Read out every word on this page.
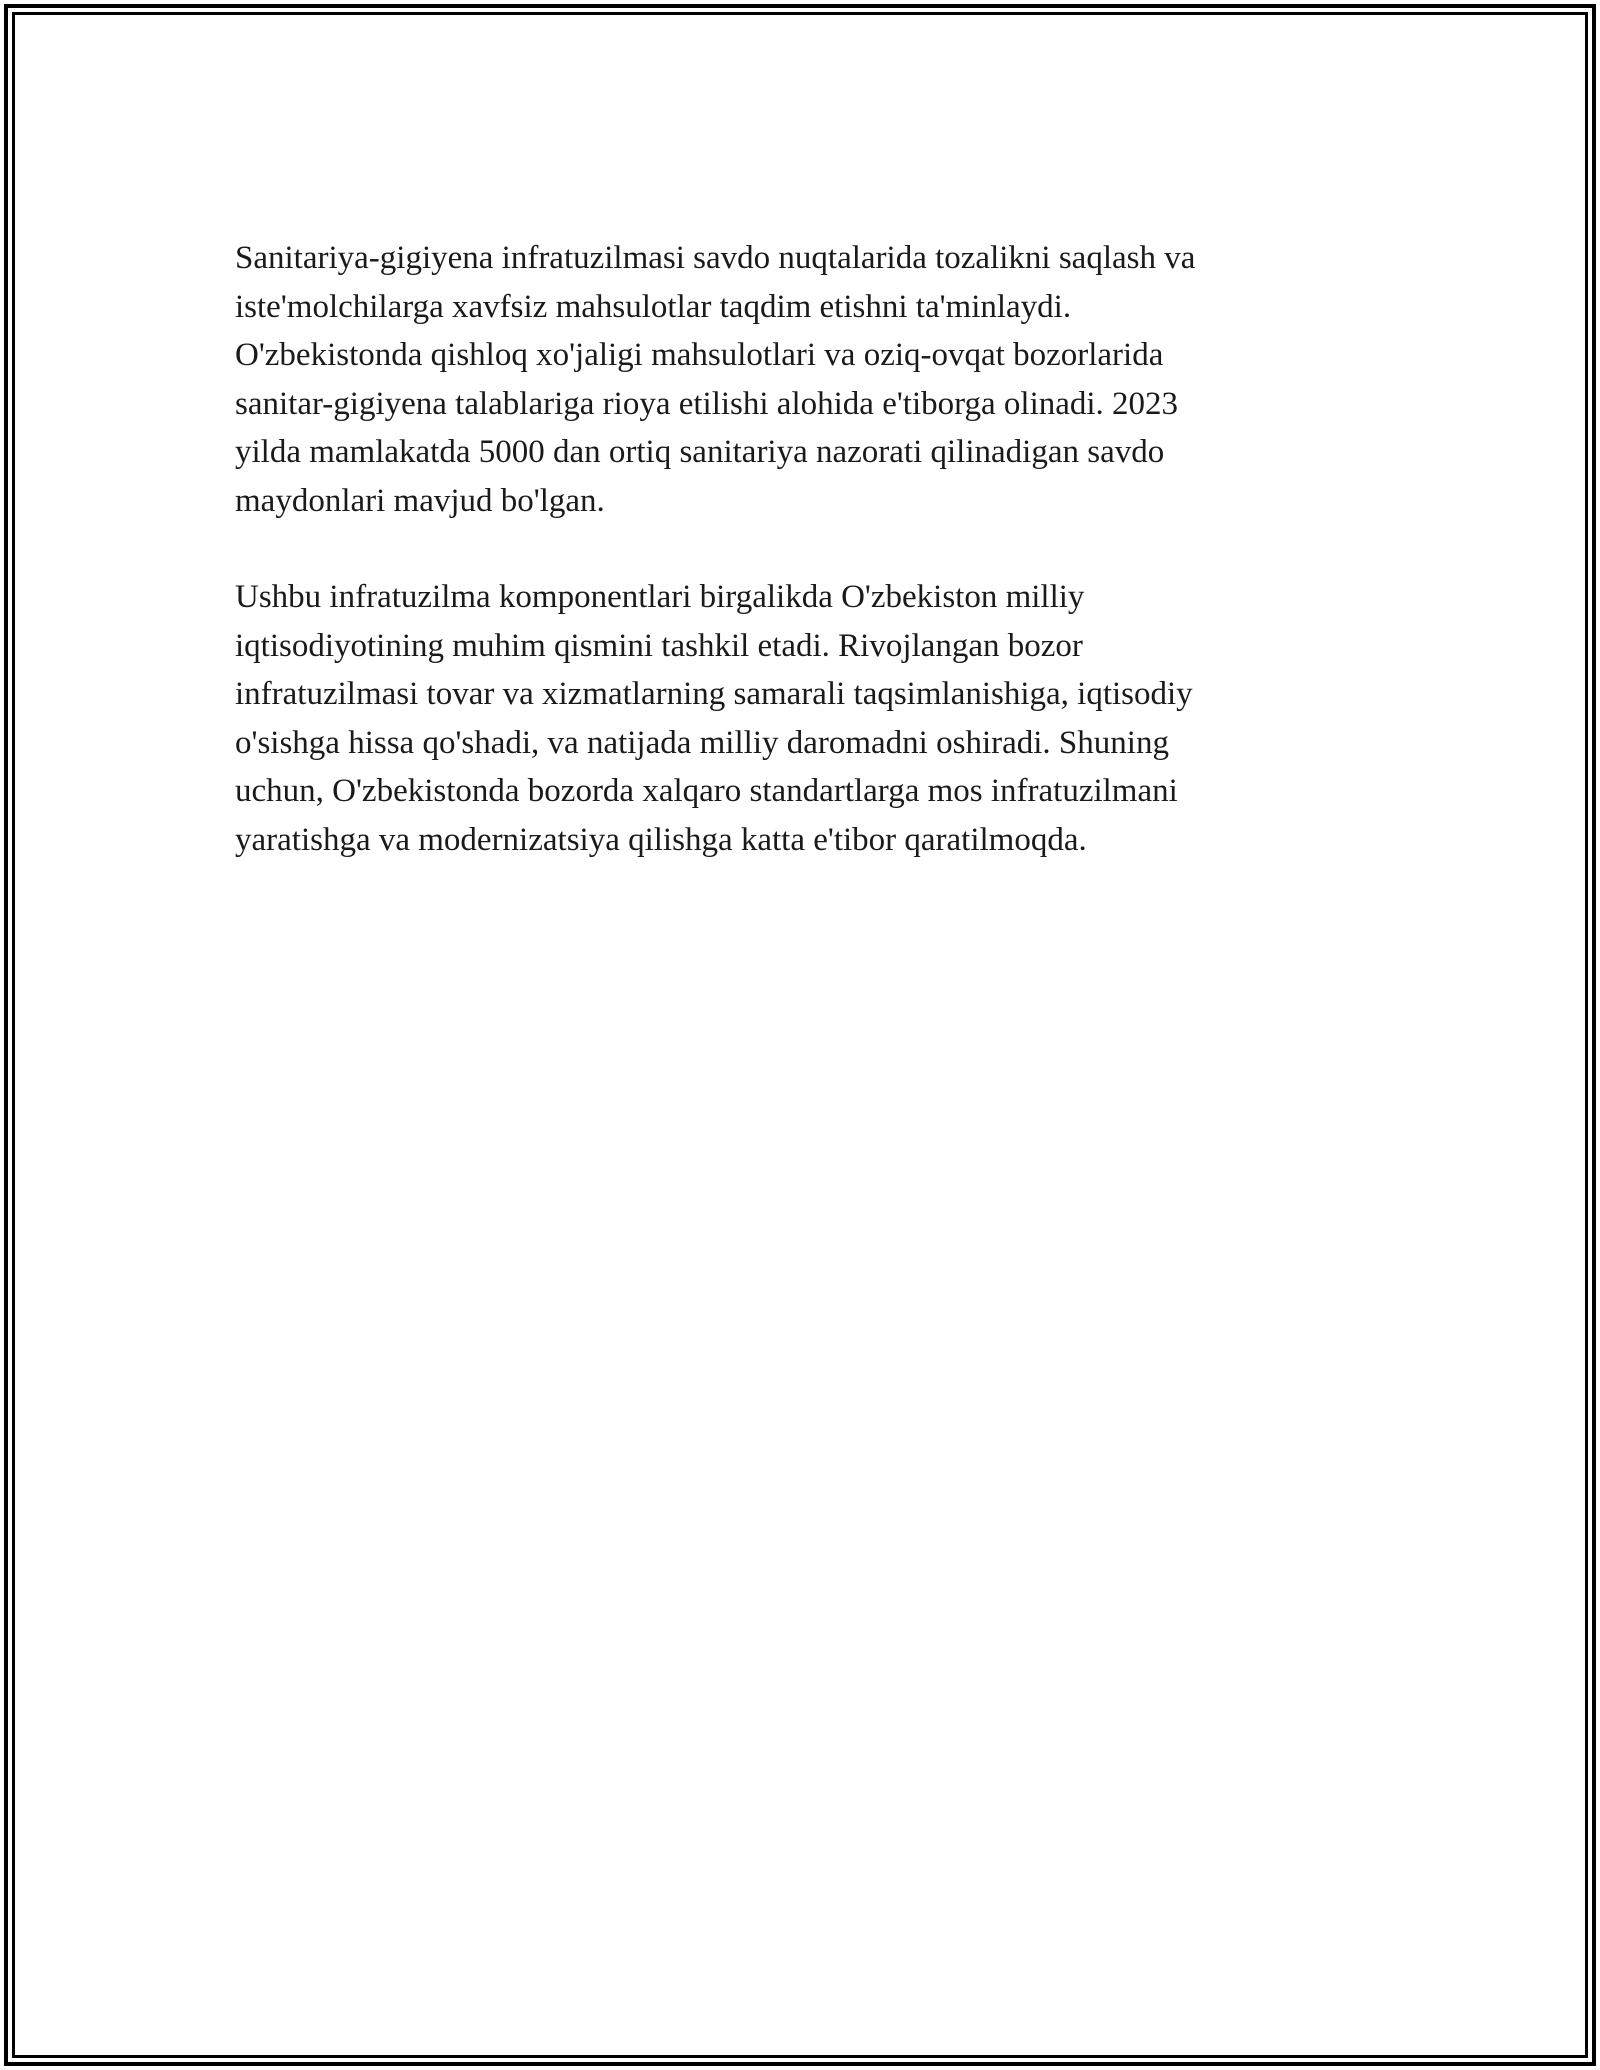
Sanitariya-gigiyena infratuzilmasi savdo nuqtalarida tozalikni saqlash va
iste'molchilarga xavfsiz mahsulotlar taqdim etishni ta'minlaydi.
O'zbekistonda qishloq xo'jaligi mahsulotlari va oziq-ovqat bozorlarida
sanitar-gigiyena talablariga rioya etilishi alohida e'tiborga olinadi. 2023
yilda mamlakatda 5000 dan ortiq sanitariya nazorati qilinadigan savdo
maydonlari mavjud bo'lgan.

Ushbu infratuzilma komponentlari birgalikda O'zbekiston milliy
iqtisodiyotining muhim qismini tashkil etadi. Rivojlangan bozor
infratuzilmasi tovar va xizmatlarning samarali taqsimlanishiga, iqtisodiy
o'sishga hissa qo'shadi, va natijada milliy daromadni oshiradi. Shuning
uchun, O'zbekistonda bozorda xalqaro standartlarga mos infratuzilmani
yaratishga va modernizatsiya qilishga katta e'tibor qaratilmoqda.
